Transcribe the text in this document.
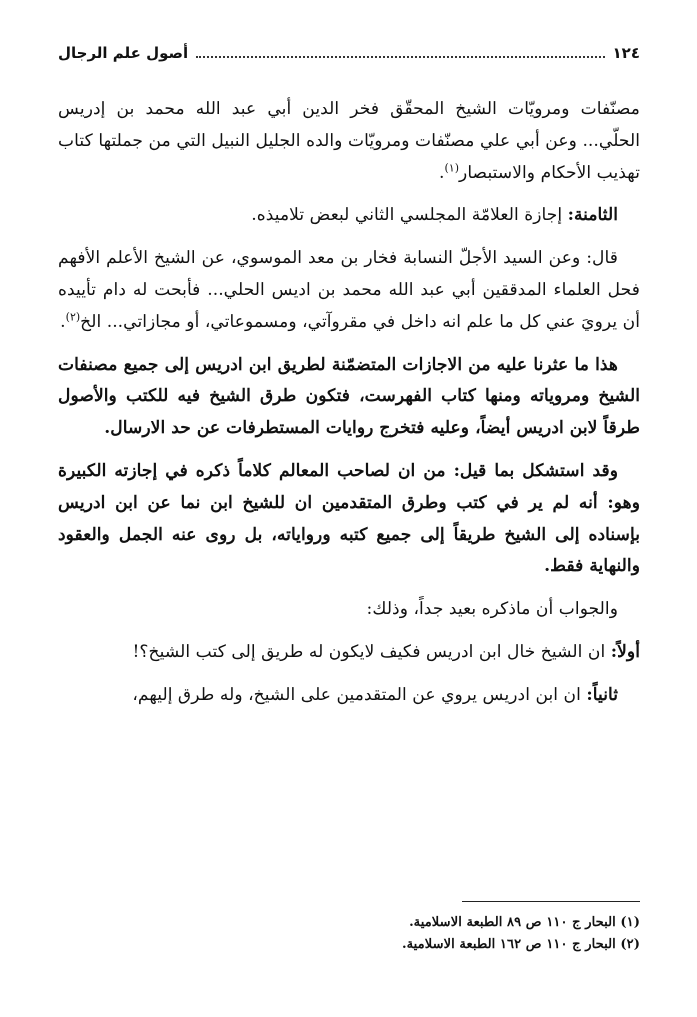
١٢٤
أصول علم الرجال

مصنّفات ومرويّات الشيخ المحقّق فخر الدين أبي عبد الله محمد بن إدريس الحلّي... وعن أبي علي مصنّفات ومرويّات والده الجليل النبيل التي من جملتها كتاب تهذيب الأحكام والاستبصار$^{(١)}$.

الثامنة: إجازة العلامّة المجلسي الثاني لبعض تلاميذه.

قال: وعن السيد الأجلّ النسابة فخار بن معد الموسوي، عن الشيخ الأعلم الأفهم فحل العلماء المدققين أبي عبد الله محمد بن اديس الحلي... فأبحت له دام تأييده أن يرويَ عني كل ما علم انه داخل في مقروآتي، ومسموعاتي، أو مجازاتي... الخ$^{(٢)}$.

هذا ما عثرنا عليه من الاجازات المتضمّنة لطريق ابن ادريس إلى جميع مصنفات الشيخ ومروياته ومنها كتاب الفهرست، فتكون طرق الشيخ فيه للكتب والأصول طرقاً لابن ادريس أيضاً، وعليه فتخرج روايات المستطرفات عن حد الارسال.

وقد استشكل بما قيل: من ان لصاحب المعالم كلاماً ذكره في إجازته الكبيرة وهو: أنه لم ير في كتب وطرق المتقدمين ان للشيخ ابن نما عن ابن ادريس بإسناده إلى الشيخ طريقاً إلى جميع كتبه ورواياته، بل روى عنه الجمل والعقود والنهاية فقط.

والجواب أن ماذكره بعيد جداً، وذلك:

أولاً: ان الشيخ خال ابن ادريس فكيف لايكون له طريق إلى كتب الشيخ؟!

ثانياً: ان ابن ادريس يروي عن المتقدمين على الشيخ، وله طرق إليهم،

(١) البحار ج ١١٠ ص ٨٩ الطبعة الاسلامية.

(٢) البحار ج ١١٠ ص ١٦٢ الطبعة الاسلامية.
